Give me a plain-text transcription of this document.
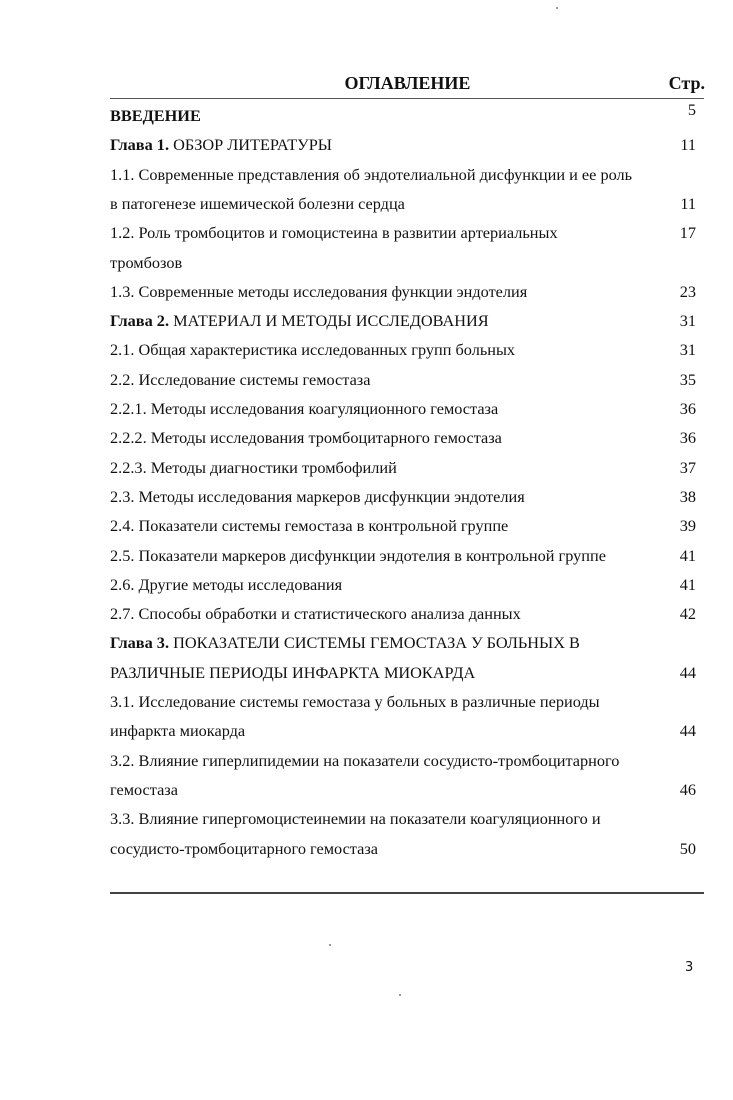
ОГЛАВЛЕНИЕ	Стр.
ВВЕДЕНИЕ	5
Глава 1. ОБЗОР ЛИТЕРАТУРЫ	11
1.1. Современные представления об эндотелиальной дисфункции и ее роль
в патогенезе ишемической болезни сердца	11
1.2. Роль тромбоцитов и гомоцистеина в развитии артериальных	17
тромбозов
1.3. Современные методы исследования функции эндотелия	23
Глава 2. МАТЕРИАЛ И МЕТОДЫ ИССЛЕДОВАНИЯ	31
2.1. Общая характеристика исследованных групп больных	31
2.2. Исследование системы гемостаза	35
2.2.1. Методы исследования коагуляционного гемостаза	36
2.2.2. Методы исследования тромбоцитарного гемостаза	36
2.2.3. Методы диагностики тромбофилий	37
2.3. Методы исследования маркеров дисфункции эндотелия	38
2.4. Показатели системы гемостаза в контрольной группе	39
2.5. Показатели маркеров дисфункции эндотелия в контрольной группе	41
2.6. Другие методы исследования	41
2.7. Способы обработки и статистического анализа данных	42
Глава 3. ПОКАЗАТЕЛИ СИСТЕМЫ ГЕМОСТАЗА У БОЛЬНЫХ В
РАЗЛИЧНЫЕ ПЕРИОДЫ ИНФАРКТА МИОКАРДА	44
3.1. Исследование системы гемостаза у больных в различные периоды
инфаркта миокарда	44
3.2. Влияние гиперлипидемии на показатели сосудисто-тромбоцитарного
гемостаза	46
3.3. Влияние гипергомоцистеинемии на показатели коагуляционного и
сосудисто-тромбоцитарного гемостаза	50
3
